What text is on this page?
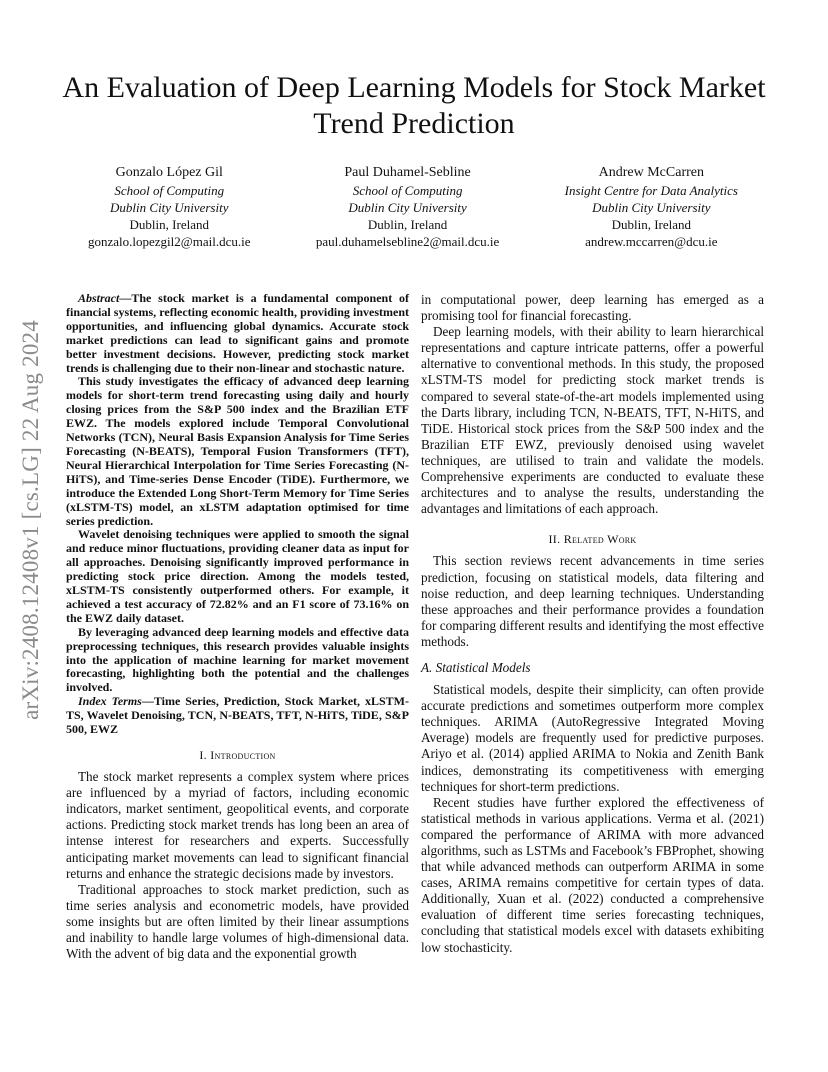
arXiv:2408.12408v1 [cs.LG] 22 Aug 2024
An Evaluation of Deep Learning Models for Stock Market Trend Prediction
Gonzalo López Gil
School of Computing
Dublin City University
Dublin, Ireland
gonzalo.lopezgil2@mail.dcu.ie
Paul Duhamel-Sebline
School of Computing
Dublin City University
Dublin, Ireland
paul.duhamelsebline2@mail.dcu.ie
Andrew McCarren
Insight Centre for Data Analytics
Dublin City University
Dublin, Ireland
andrew.mccarren@dcu.ie

Abstract—The stock market is a fundamental component of financial systems, reflecting economic health, providing investment opportunities, and influencing global dynamics. Accurate stock market predictions can lead to significant gains and promote better investment decisions. However, predicting stock market trends is challenging due to their non-linear and stochastic nature.

This study investigates the efficacy of advanced deep learning models for short-term trend forecasting using daily and hourly closing prices from the S&P 500 index and the Brazilian ETF EWZ. The models explored include Temporal Convolutional Networks (TCN), Neural Basis Expansion Analysis for Time Series Forecasting (N-BEATS), Temporal Fusion Transformers (TFT), Neural Hierarchical Interpolation for Time Series Forecasting (N-HiTS), and Time-series Dense Encoder (TiDE). Furthermore, we introduce the Extended Long Short-Term Memory for Time Series (xLSTM-TS) model, an xLSTM adaptation optimised for time series prediction.

Wavelet denoising techniques were applied to smooth the signal and reduce minor fluctuations, providing cleaner data as input for all approaches. Denoising significantly improved performance in predicting stock price direction. Among the models tested, xLSTM-TS consistently outperformed others. For example, it achieved a test accuracy of 72.82% and an F1 score of 73.16% on the EWZ daily dataset.

By leveraging advanced deep learning models and effective data preprocessing techniques, this research provides valuable insights into the application of machine learning for market movement forecasting, highlighting both the potential and the challenges involved.

Index Terms—Time Series, Prediction, Stock Market, xLSTM-TS, Wavelet Denoising, TCN, N-BEATS, TFT, N-HiTS, TiDE, S&P 500, EWZ

I. Introduction

The stock market represents a complex system where prices are influenced by a myriad of factors, including economic indicators, market sentiment, geopolitical events, and corporate actions. Predicting stock market trends has long been an area of intense interest for researchers and experts. Successfully anticipating market movements can lead to significant financial returns and enhance the strategic decisions made by investors.

Traditional approaches to stock market prediction, such as time series analysis and econometric models, have provided some insights but are often limited by their linear assumptions and inability to handle large volumes of high-dimensional data. With the advent of big data and the exponential growth

in computational power, deep learning has emerged as a promising tool for financial forecasting.

Deep learning models, with their ability to learn hierarchical representations and capture intricate patterns, offer a powerful alternative to conventional methods. In this study, the proposed xLSTM-TS model for predicting stock market trends is compared to several state-of-the-art models implemented using the Darts library, including TCN, N-BEATS, TFT, N-HiTS, and TiDE. Historical stock prices from the S&P 500 index and the Brazilian ETF EWZ, previously denoised using wavelet techniques, are utilised to train and validate the models. Comprehensive experiments are conducted to evaluate these architectures and to analyse the results, understanding the advantages and limitations of each approach.

II. Related Work

This section reviews recent advancements in time series prediction, focusing on statistical models, data filtering and noise reduction, and deep learning techniques. Understanding these approaches and their performance provides a foundation for comparing different results and identifying the most effective methods.

A. Statistical Models

Statistical models, despite their simplicity, can often provide accurate predictions and sometimes outperform more complex techniques. ARIMA (AutoRegressive Integrated Moving Average) models are frequently used for predictive purposes. Ariyo et al. (2014) applied ARIMA to Nokia and Zenith Bank indices, demonstrating its competitiveness with emerging techniques for short-term predictions.

Recent studies have further explored the effectiveness of statistical methods in various applications. Verma et al. (2021) compared the performance of ARIMA with more advanced algorithms, such as LSTMs and Facebook’s FBProphet, showing that while advanced methods can outperform ARIMA in some cases, ARIMA remains competitive for certain types of data. Additionally, Xuan et al. (2022) conducted a comprehensive evaluation of different time series forecasting techniques, concluding that statistical models excel with datasets exhibiting low stochasticity.
